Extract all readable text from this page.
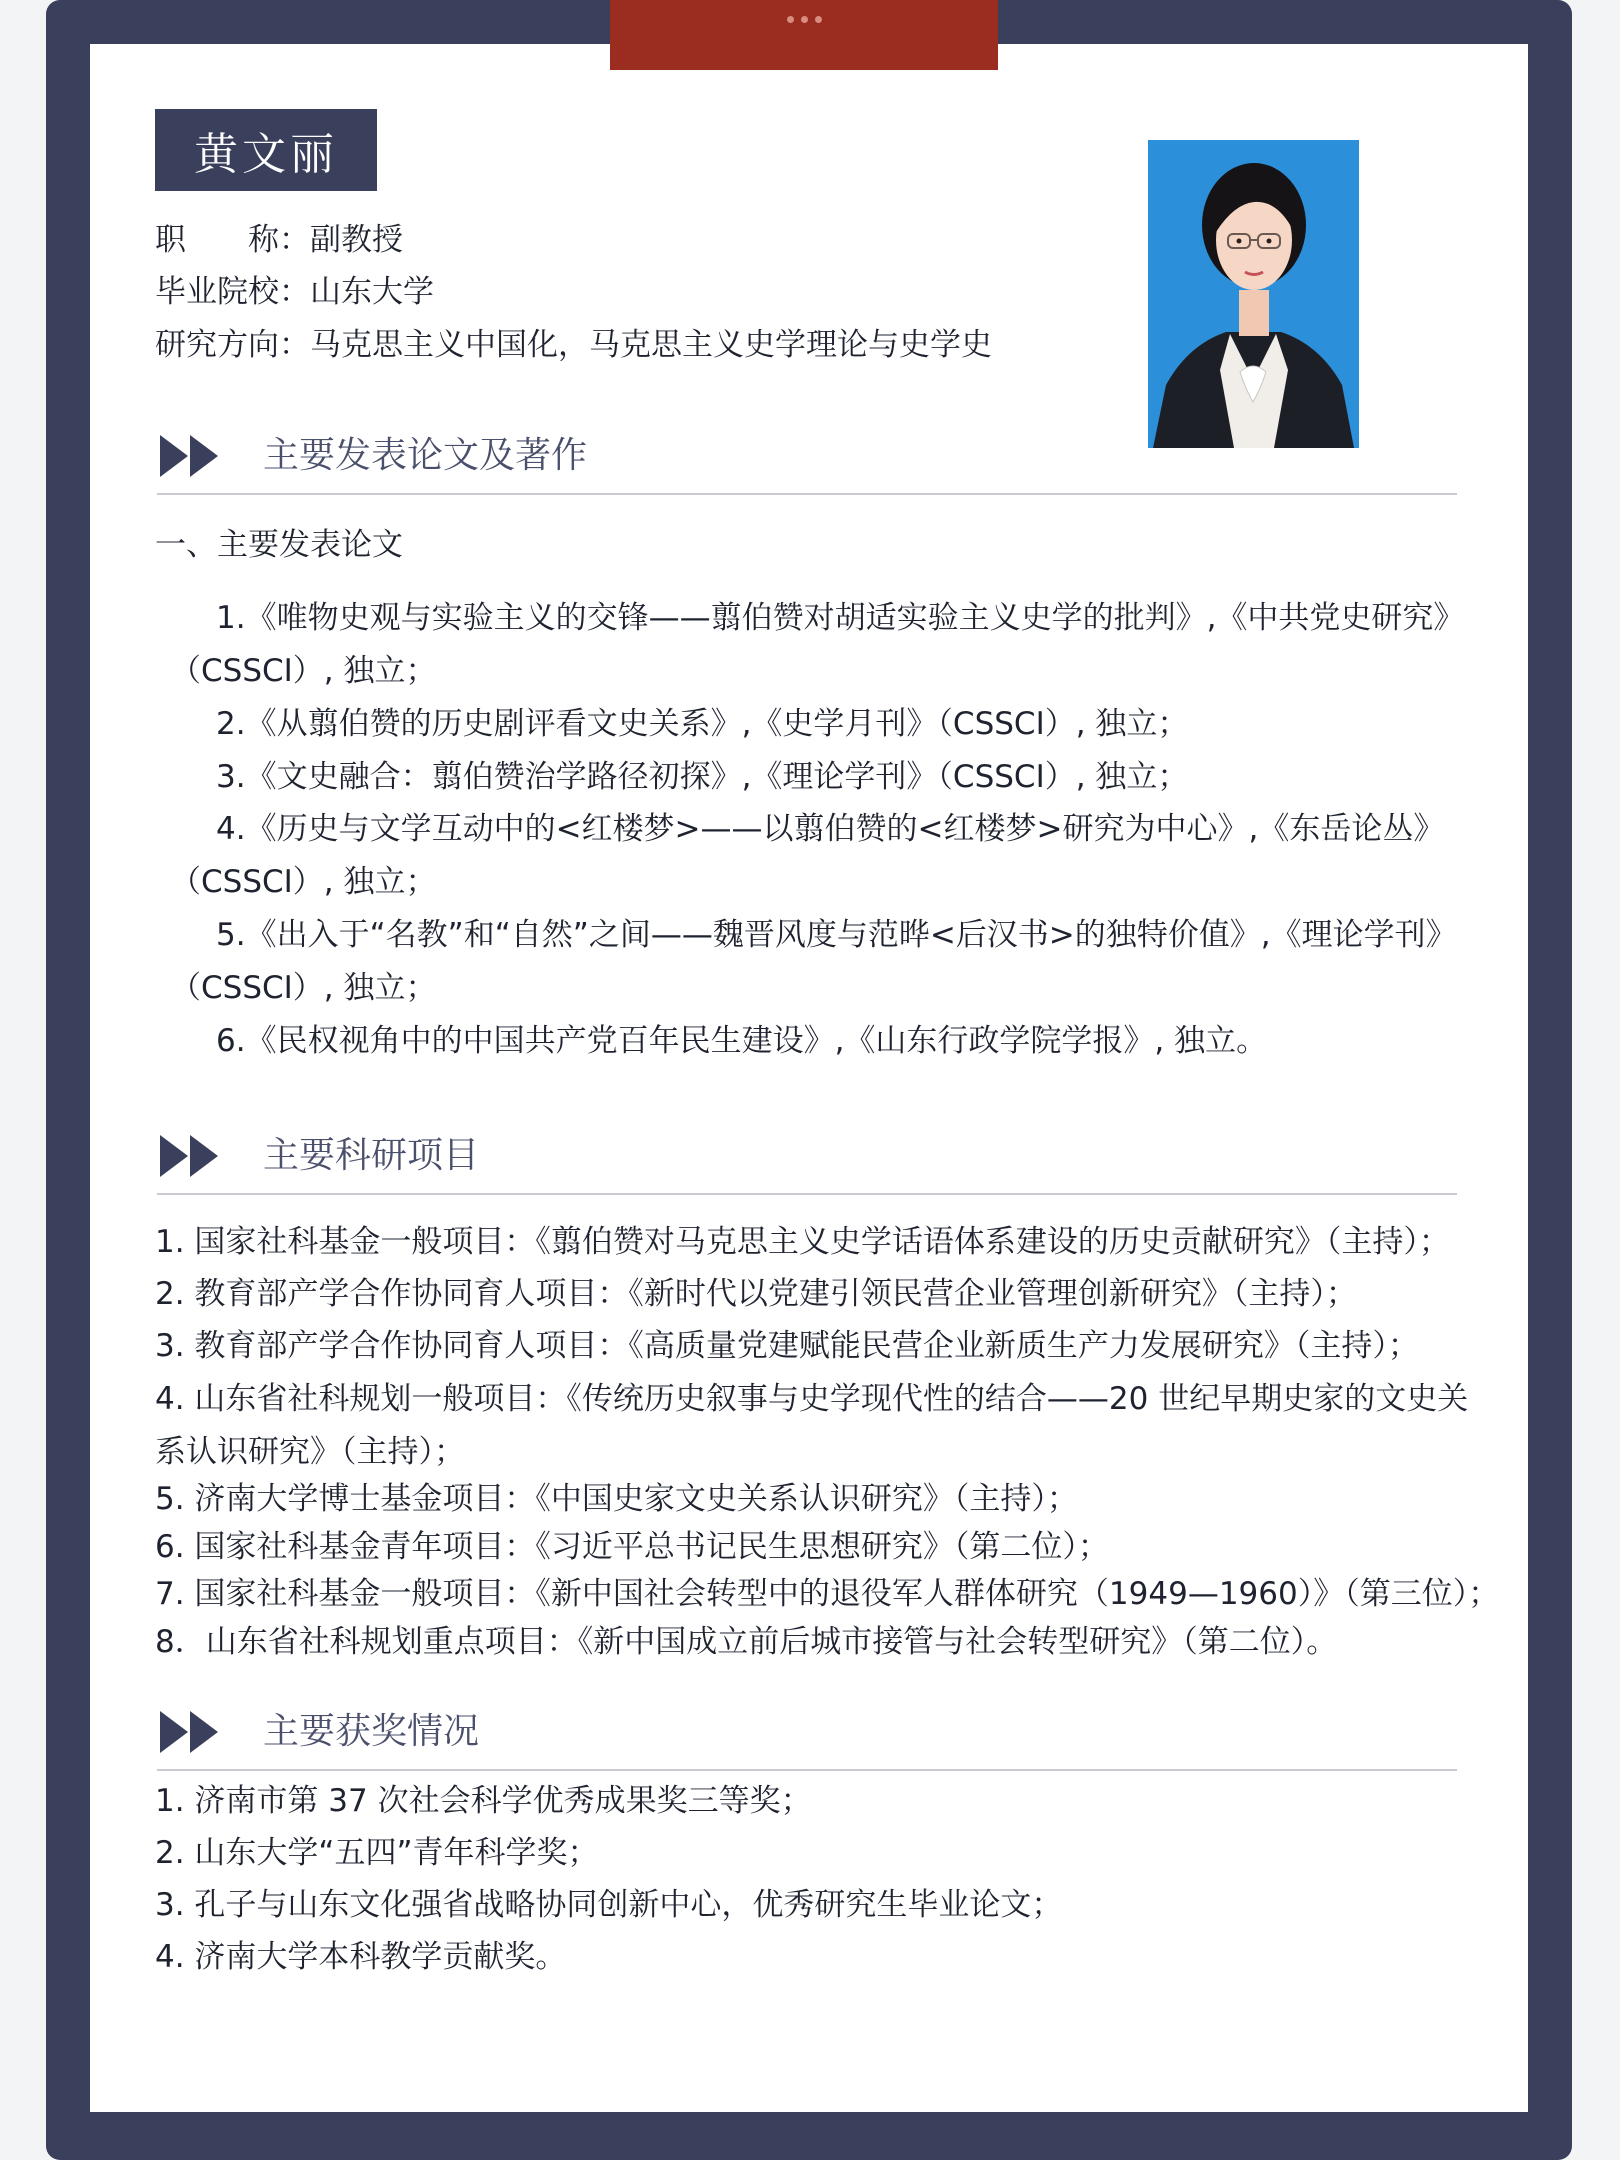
黄文丽
职　　称：副教授
毕业院校：山东大学
研究方向：马克思主义中国化，马克思主义史学理论与史学史
主要发表论文及著作
一、主要发表论文
1.《唯物史观与实验主义的交锋——翦伯赞对胡适实验主义史学的批判》,《中共党史研究》
（CSSCI）, 独立；
2.《从翦伯赞的历史剧评看文史关系》,《史学月刊》（CSSCI）, 独立；
3.《文史融合：翦伯赞治学路径初探》,《理论学刊》（CSSCI）, 独立；
4.《历史与文学互动中的<红楼梦>——以翦伯赞的<红楼梦>研究为中心》,《东岳论丛》
（CSSCI）, 独立；
5.《出入于“名教”和“自然”之间——魏晋风度与范晔<后汉书>的独特价值》,《理论学刊》
（CSSCI）, 独立；
6.《民权视角中的中国共产党百年民生建设》,《山东行政学院学报》, 独立。
主要科研项目
1. 国家社科基金一般项目：《翦伯赞对马克思主义史学话语体系建设的历史贡献研究》（主持）；
2. 教育部产学合作协同育人项目：《新时代以党建引领民营企业管理创新研究》（主持）；
3. 教育部产学合作协同育人项目：《高质量党建赋能民营企业新质生产力发展研究》（主持）；
4. 山东省社科规划一般项目：《传统历史叙事与史学现代性的结合——20 世纪早期史家的文史关
系认识研究》（主持）；
5. 济南大学博士基金项目：《中国史家文史关系认识研究》（主持）；
6. 国家社科基金青年项目：《习近平总书记民生思想研究》（第二位）；
7. 国家社科基金一般项目：《新中国社会转型中的退役军人群体研究（1949—1960）》（第三位）；
8．山东省社科规划重点项目：《新中国成立前后城市接管与社会转型研究》（第二位）。
主要获奖情况
1. 济南市第 37 次社会科学优秀成果奖三等奖；
2. 山东大学“五四”青年科学奖；
3. 孔子与山东文化强省战略协同创新中心，优秀研究生毕业论文；
4. 济南大学本科教学贡献奖。
